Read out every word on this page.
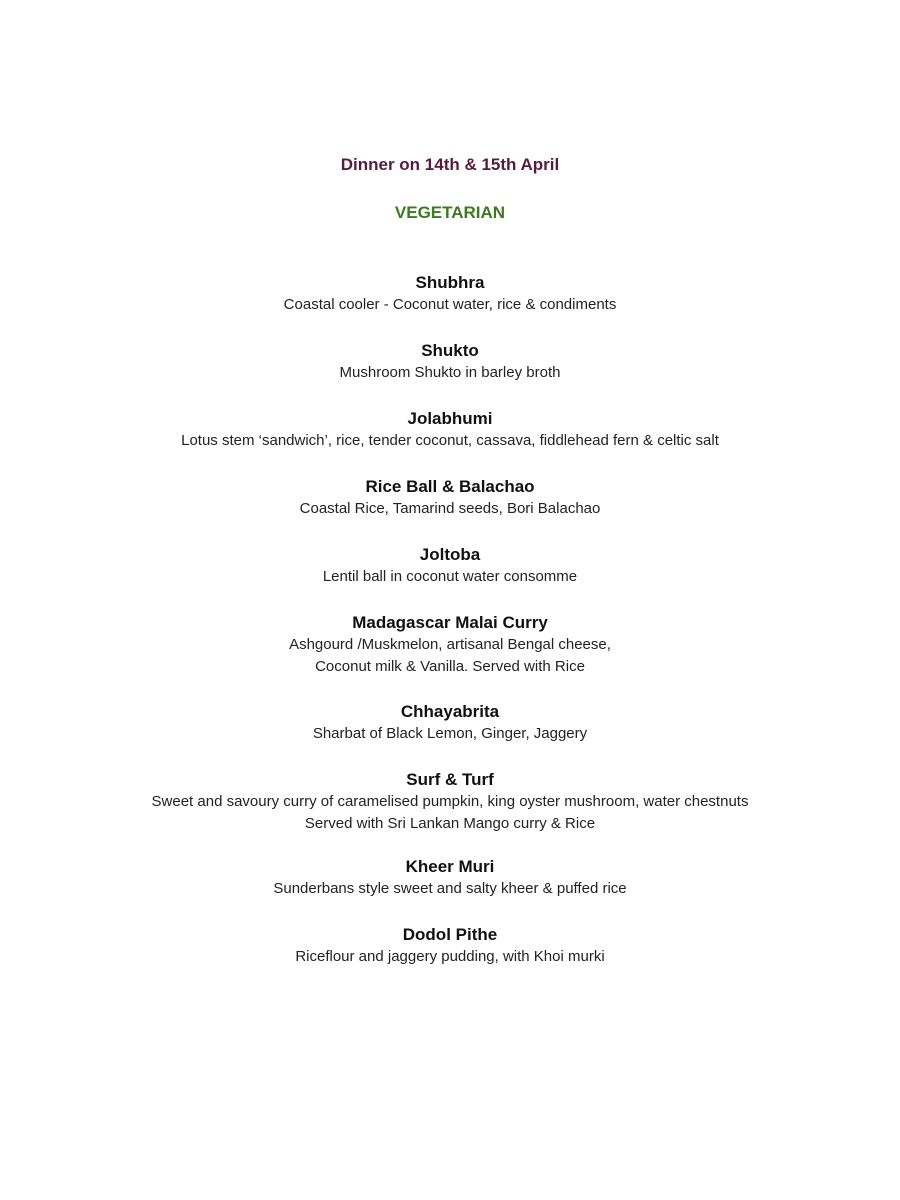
Dinner on 14th & 15th April
VEGETARIAN
Shubhra
Coastal cooler - Coconut water, rice & condiments
Shukto
Mushroom Shukto in barley broth
Jolabhumi
Lotus stem ‘sandwich’, rice, tender coconut, cassava, fiddlehead fern & celtic salt
Rice Ball & Balachao
Coastal Rice, Tamarind seeds, Bori Balachao
Joltoba
Lentil ball in coconut water consomme
Madagascar Malai Curry
Ashgourd /Muskmelon, artisanal Bengal cheese,
Coconut milk & Vanilla. Served with Rice
Chhayabrita
Sharbat of Black Lemon, Ginger, Jaggery
Surf & Turf
Sweet and savoury curry of caramelised pumpkin, king oyster mushroom, water chestnuts
Served with Sri Lankan Mango curry & Rice
Kheer Muri
Sunderbans style sweet and salty kheer & puffed rice
Dodol Pithe
Riceflour and jaggery pudding, with Khoi murki
